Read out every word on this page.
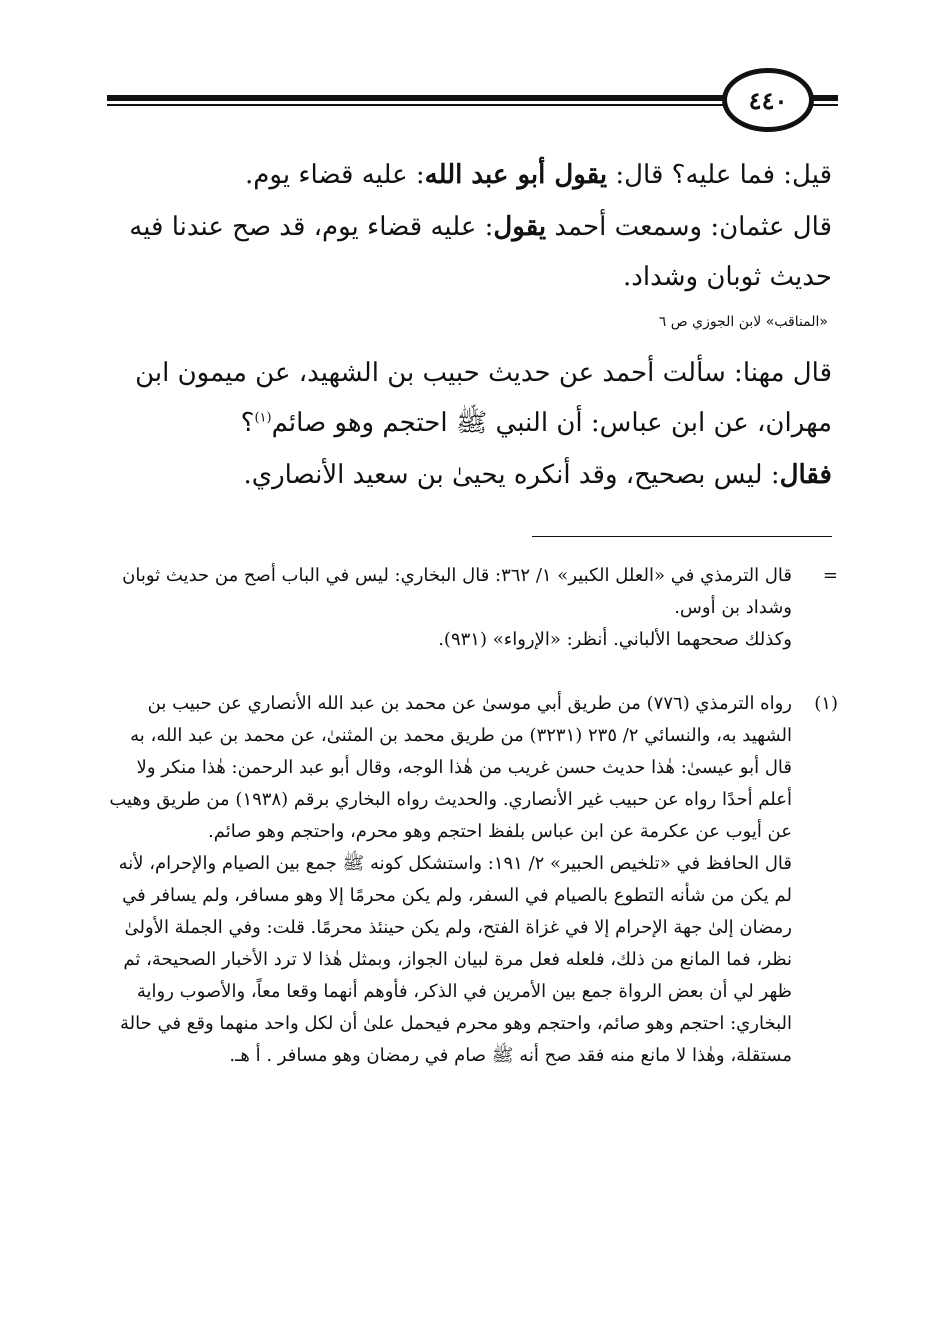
٤٤٠
قيل: فما عليه؟ قال: يقول أبو عبد الله: عليه قضاء يوم.
قال عثمان: وسمعت أحمد يقول: عليه قضاء يوم، قد صح عندنا فيه حديث ثوبان وشداد.
«المناقب» لابن الجوزي ص ٦
قال مهنا: سألت أحمد عن حديث حبيب بن الشهيد، عن ميمون ابن مهران، عن ابن عباس: أن النبي ﷺ احتجم وهو صائم$^{(١)}$؟
فقال: ليس بصحيح، وقد أنكره يحيىٰ بن سعيد الأنصاري.
=
قال الترمذي في «العلل الكبير» ١/ ٣٦٢: قال البخاري: ليس في الباب أصح من حديث ثوبان وشداد بن أوس.
وكذلك صححهما الألباني. أنظر: «الإرواء» (٩٣١).
(١)
رواه الترمذي (٧٧٦) من طريق أبي موسىٰ عن محمد بن عبد الله الأنصاري عن حبيب بن الشهيد به، والنسائي ٢/ ٢٣٥ (٣٢٣١) من طريق محمد بن المثنىٰ، عن محمد بن عبد الله، به
قال أبو عيسىٰ: هٰذا حديث حسن غريب من هٰذا الوجه، وقال أبو عبد الرحمن: هٰذا منكر ولا أعلم أحدًا رواه عن حبيب غير الأنصاري. والحديث رواه البخاري برقم (١٩٣٨) من طريق وهيب عن أيوب عن عكرمة عن ابن عباس بلفظ احتجم وهو محرم، واحتجم وهو صائم.
قال الحافظ في «تلخيص الحبير» ٢/ ١٩١: واستشكل كونه ﷺ جمع بين الصيام والإحرام، لأنه لم يكن من شأنه التطوع بالصيام في السفر، ولم يكن محرمًا إلا وهو مسافر، ولم يسافر في رمضان إلىٰ جهة الإحرام إلا في غزاة الفتح، ولم يكن حينئذ محرمًا. قلت: وفي الجملة الأولىٰ نظر، فما المانع من ذلك، فلعله فعل مرة لبيان الجواز، وبمثل هٰذا لا ترد الأخبار الصحيحة، ثم ظهر لي أن بعض الرواة جمع بين الأمرين في الذكر، فأوهم أنهما وقعا معاً، والأصوب رواية البخاري: احتجم وهو صائم، واحتجم وهو محرم فيحمل علىٰ أن لكل واحد منهما وقع في حالة مستقلة، وهٰذا لا مانع منه فقد صح أنه ﷺ صام في رمضان وهو مسافر . أ هـ.
